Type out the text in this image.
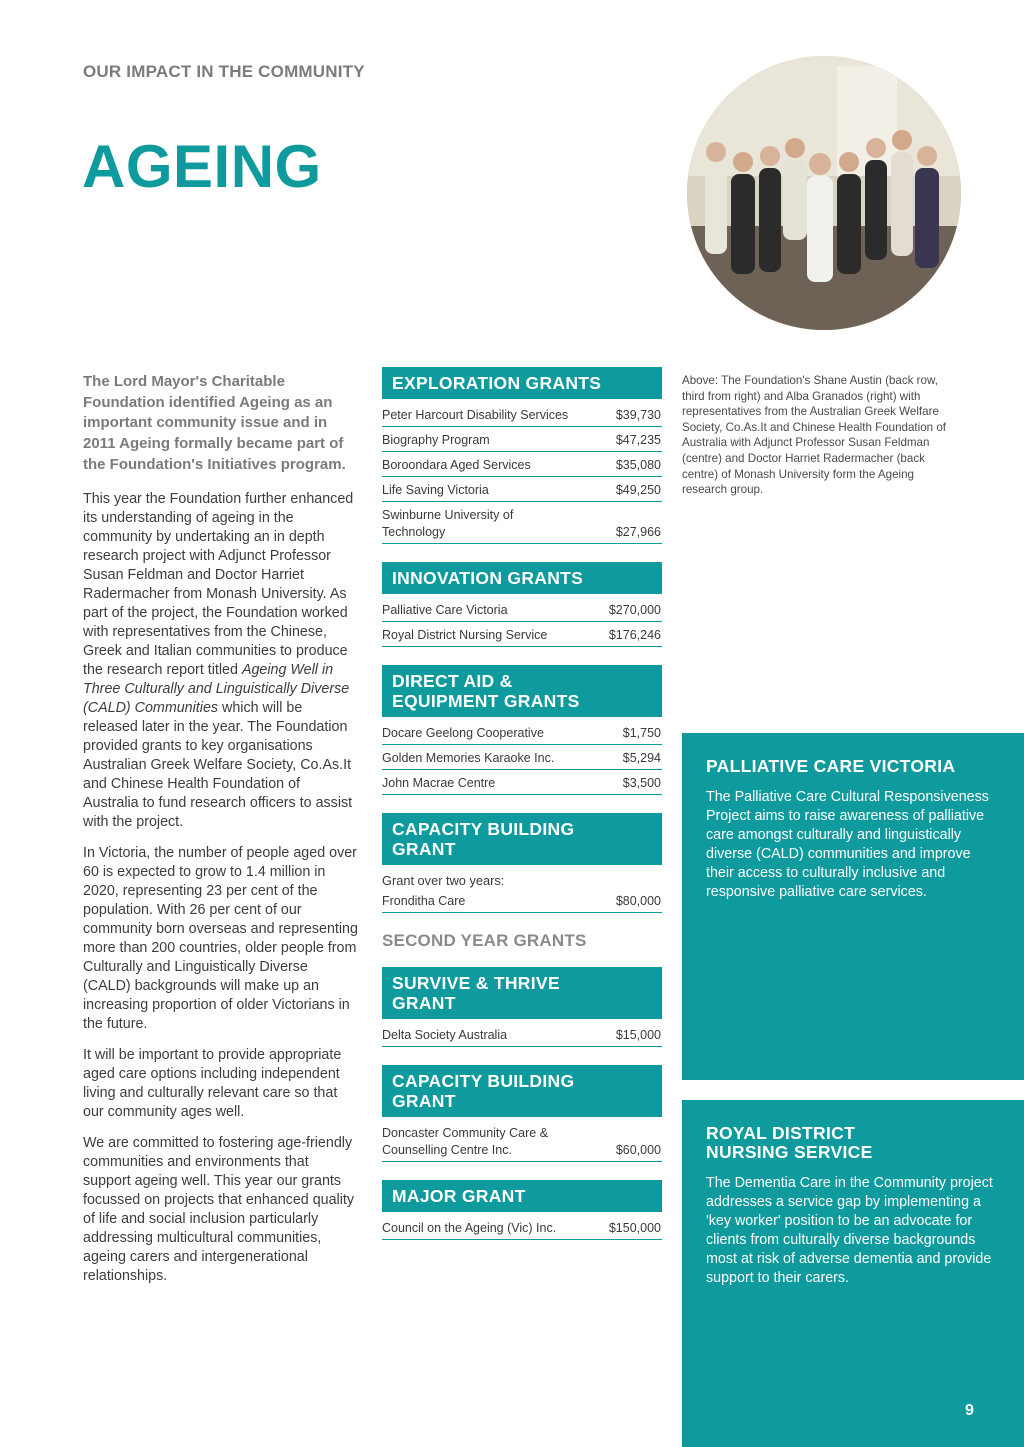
OUR IMPACT IN THE COMMUNITY
AGEING

The Lord Mayor's Charitable Foundation identified Ageing as an important community issue and in 2011 Ageing formally became part of the Foundation's Initiatives program.

This year the Foundation further enhanced its understanding of ageing in the community by undertaking an in depth research project with Adjunct Professor Susan Feldman and Doctor Harriet Radermacher from Monash University. As part of the project, the Foundation worked with representatives from the Chinese, Greek and Italian communities to produce the research report titled Ageing Well in Three Culturally and Linguistically Diverse (CALD) Communities which will be released later in the year. The Foundation provided grants to key organisations Australian Greek Welfare Society, Co.As.It and Chinese Health Foundation of Australia to fund research officers to assist with the project.

In Victoria, the number of people aged over 60 is expected to grow to 1.4 million in 2020, representing 23 per cent of the population. With 26 per cent of our community born overseas and representing more than 200 countries, older people from Culturally and Linguistically Diverse (CALD) backgrounds will make up an increasing proportion of older Victorians in the future.

It will be important to provide appropriate aged care options including independent living and culturally relevant care so that our community ages well.

We are committed to fostering age-friendly communities and environments that support ageing well. This year our grants focussed on projects that enhanced quality of life and social inclusion particularly addressing multicultural communities, ageing carers and intergenerational relationships.

EXPLORATION GRANTS
Peter Harcourt Disability Services	$39,730
Biography Program	$47,235
Boroondara Aged Services	$35,080
Life Saving Victoria	$49,250
Swinburne University of Technology	$27,966
INNOVATION GRANTS
Palliative Care Victoria	$270,000
Royal District Nursing Service	$176,246
DIRECT AID & EQUIPMENT GRANTS
Docare Geelong Cooperative	$1,750
Golden Memories Karaoke Inc.	$5,294
John Macrae Centre	$3,500
CAPACITY BUILDING GRANT
Grant over two years:
Fronditha Care	$80,000
SECOND YEAR GRANTS
SURVIVE & THRIVE GRANT
Delta Society Australia	$15,000
CAPACITY BUILDING GRANT
Doncaster Community Care & Counselling Centre Inc.	$60,000
MAJOR GRANT
Council on the Ageing (Vic) Inc.	$150,000
Above: The Foundation's Shane Austin (back row, third from right) and Alba Granados (right) with representatives from the Australian Greek Welfare Society, Co.As.It and Chinese Health Foundation of Australia with Adjunct Professor Susan Feldman (centre) and Doctor Harriet Radermacher (back centre) of Monash University form the Ageing research group.
PALLIATIVE CARE VICTORIA

The Palliative Care Cultural Responsiveness Project aims to raise awareness of palliative care amongst culturally and linguistically diverse (CALD) communities and improve their access to culturally inclusive and responsive palliative care services.

ROYAL DISTRICT NURSING SERVICE

The Dementia Care in the Community project addresses a service gap by implementing a 'key worker' position to be an advocate for clients from culturally diverse backgrounds most at risk of adverse dementia and provide support to their carers.

9
